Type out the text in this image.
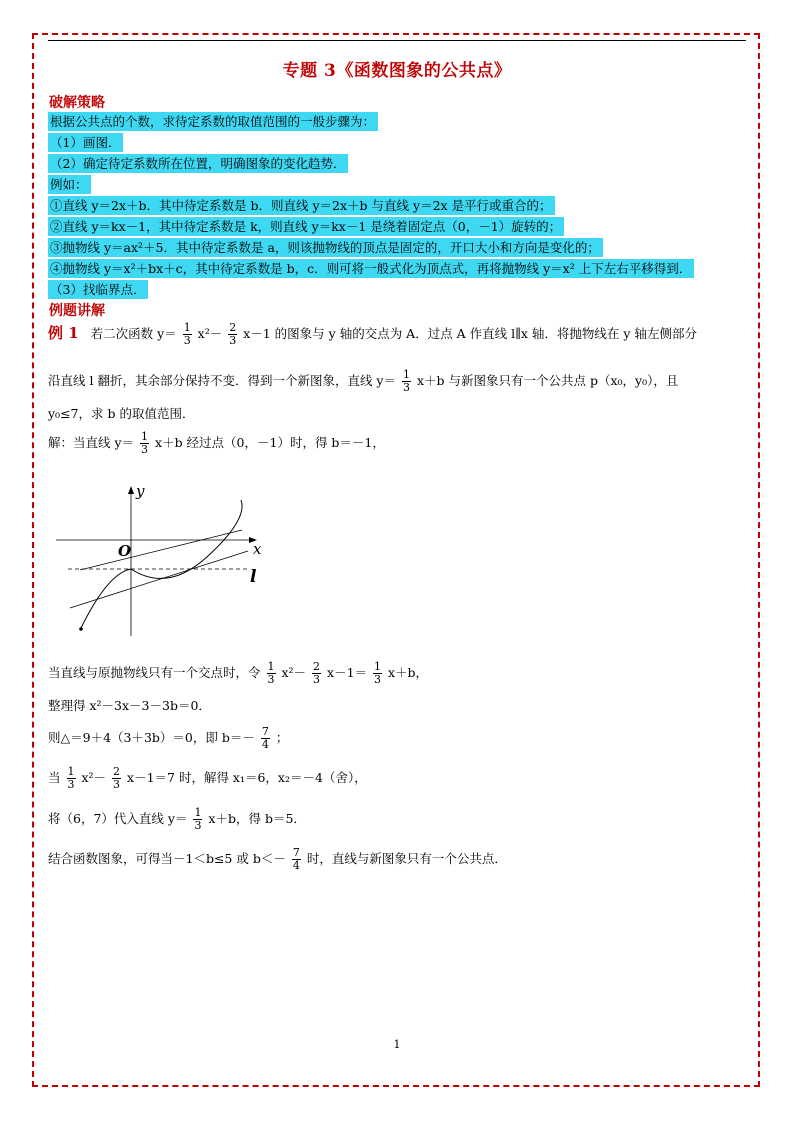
专题 3《函数图象的公共点》
破解策略
根据公共点的个数，求待定系数的取值范围的一般步骤为：
（1）画图．
（2）确定待定系数所在位置，明确图象的变化趋势．
例如：
①直线 y＝2x＋b．其中待定系数是 b．则直线 y＝2x＋b 与直线 y＝2x 是平行或重合的；
②直线 y＝kx－1，其中待定系数是 k，则直线 y＝kx－1 是绕着固定点（0，－1）旋转的；
③抛物线 y＝ax²＋5．其中待定系数是 a，则该抛物线的顶点是固定的，开口大小和方向是变化的；
④抛物线 y＝x²＋bx＋c，其中待定系数是 b，c．则可将一般式化为顶点式，再将抛物线 y＝x² 上下左右平移得到．
（3）找临界点．
例题讲解
例 1 若二次函数 $y= \frac{1}{3} x^2- \frac{2}{3} x-1$ 的图象与 y 轴的交点为 A．过点 A 作直线 l∥x 轴．将抛物线在 y 轴左侧部分
沿直线 l 翻折，其余部分保持不变．得到一个新图象，直线 $y= \frac{1}{3} x+b$ 与新图象只有一个公共点 p（x₀，y₀），且
y₀≤7，求 b 的取值范围．
解：当直线 $y= \frac{1}{3} x+b$ 经过点（0，－1）时，得 b＝－1，
y
x
O
l
当直线与原抛物线只有一个交点时，令 $\frac{1}{3} x^2- \frac{2}{3} x-1= \frac{1}{3} x+b$，
整理得 x²－3x－3－3b＝0．
则△＝9＋4（3＋3b）＝0，即 $b=- \frac{7}{4}$ ；
当 $\frac{1}{3} x^2- \frac{2}{3} x-1=7$ 时，解得 x₁＝6，x₂＝－4（舍），
将（6，7）代入直线 $y= \frac{1}{3} x+b$，得 b＝5．
结合函数图象，可得当－1＜b≤5 或 $b<- \frac{7}{4}$ 时，直线与新图象只有一个公共点．
1
